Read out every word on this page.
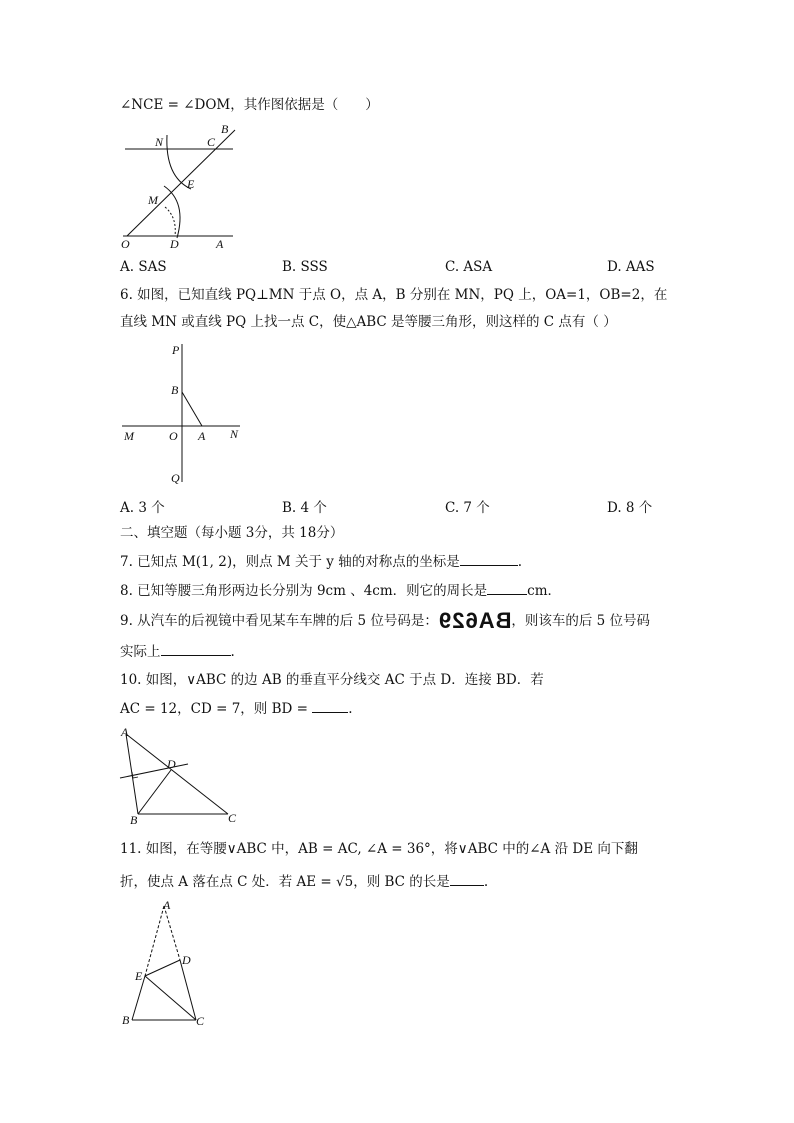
∠NCE = ∠DOM，其作图依据是（　　）
B
N	C
E
M
O	D	A
A. SAS	B. SSS	C. ASA	D. AAS
6. 如图，已知直线 PQ⊥MN 于点 O，点 A，B 分别在 MN，PQ 上，OA=1，OB=2，在
直线 MN 或直线 PQ 上找一点 C，使△ABC 是等腰三角形，则这样的 C 点有（ ）
P
B
M	O A N
Q
A. 3 个	B. 4 个	C. 7 个	D. 8 个
二、填空题（每小题 3分，共 18分）
7. 已知点 M(1, 2)，则点 M 关于 y 轴的对称点的坐标是	.
8. 已知等腰三角形两边长分别为 9cm 、4cm．则它的周长是	cm．
9. 从汽车的后视镜中看见某车车牌的后 5 位号码是：BA629，则该车的后 5 位号码
实际上	.
10. 如图，∨ABC 的边 AB 的垂直平分线交 AC 于点 D．连接 BD．若
AC = 12，CD = 7，则 BD =	.
A
D
B	C
11. 如图，在等腰∨ABC 中，AB = AC, ∠A = 36°，将∨ABC 中的∠A 沿 DE 向下翻
折，使点 A 落在点 C 处．若 AE = √5，则 BC 的长是	.
A
D
E
B	C
